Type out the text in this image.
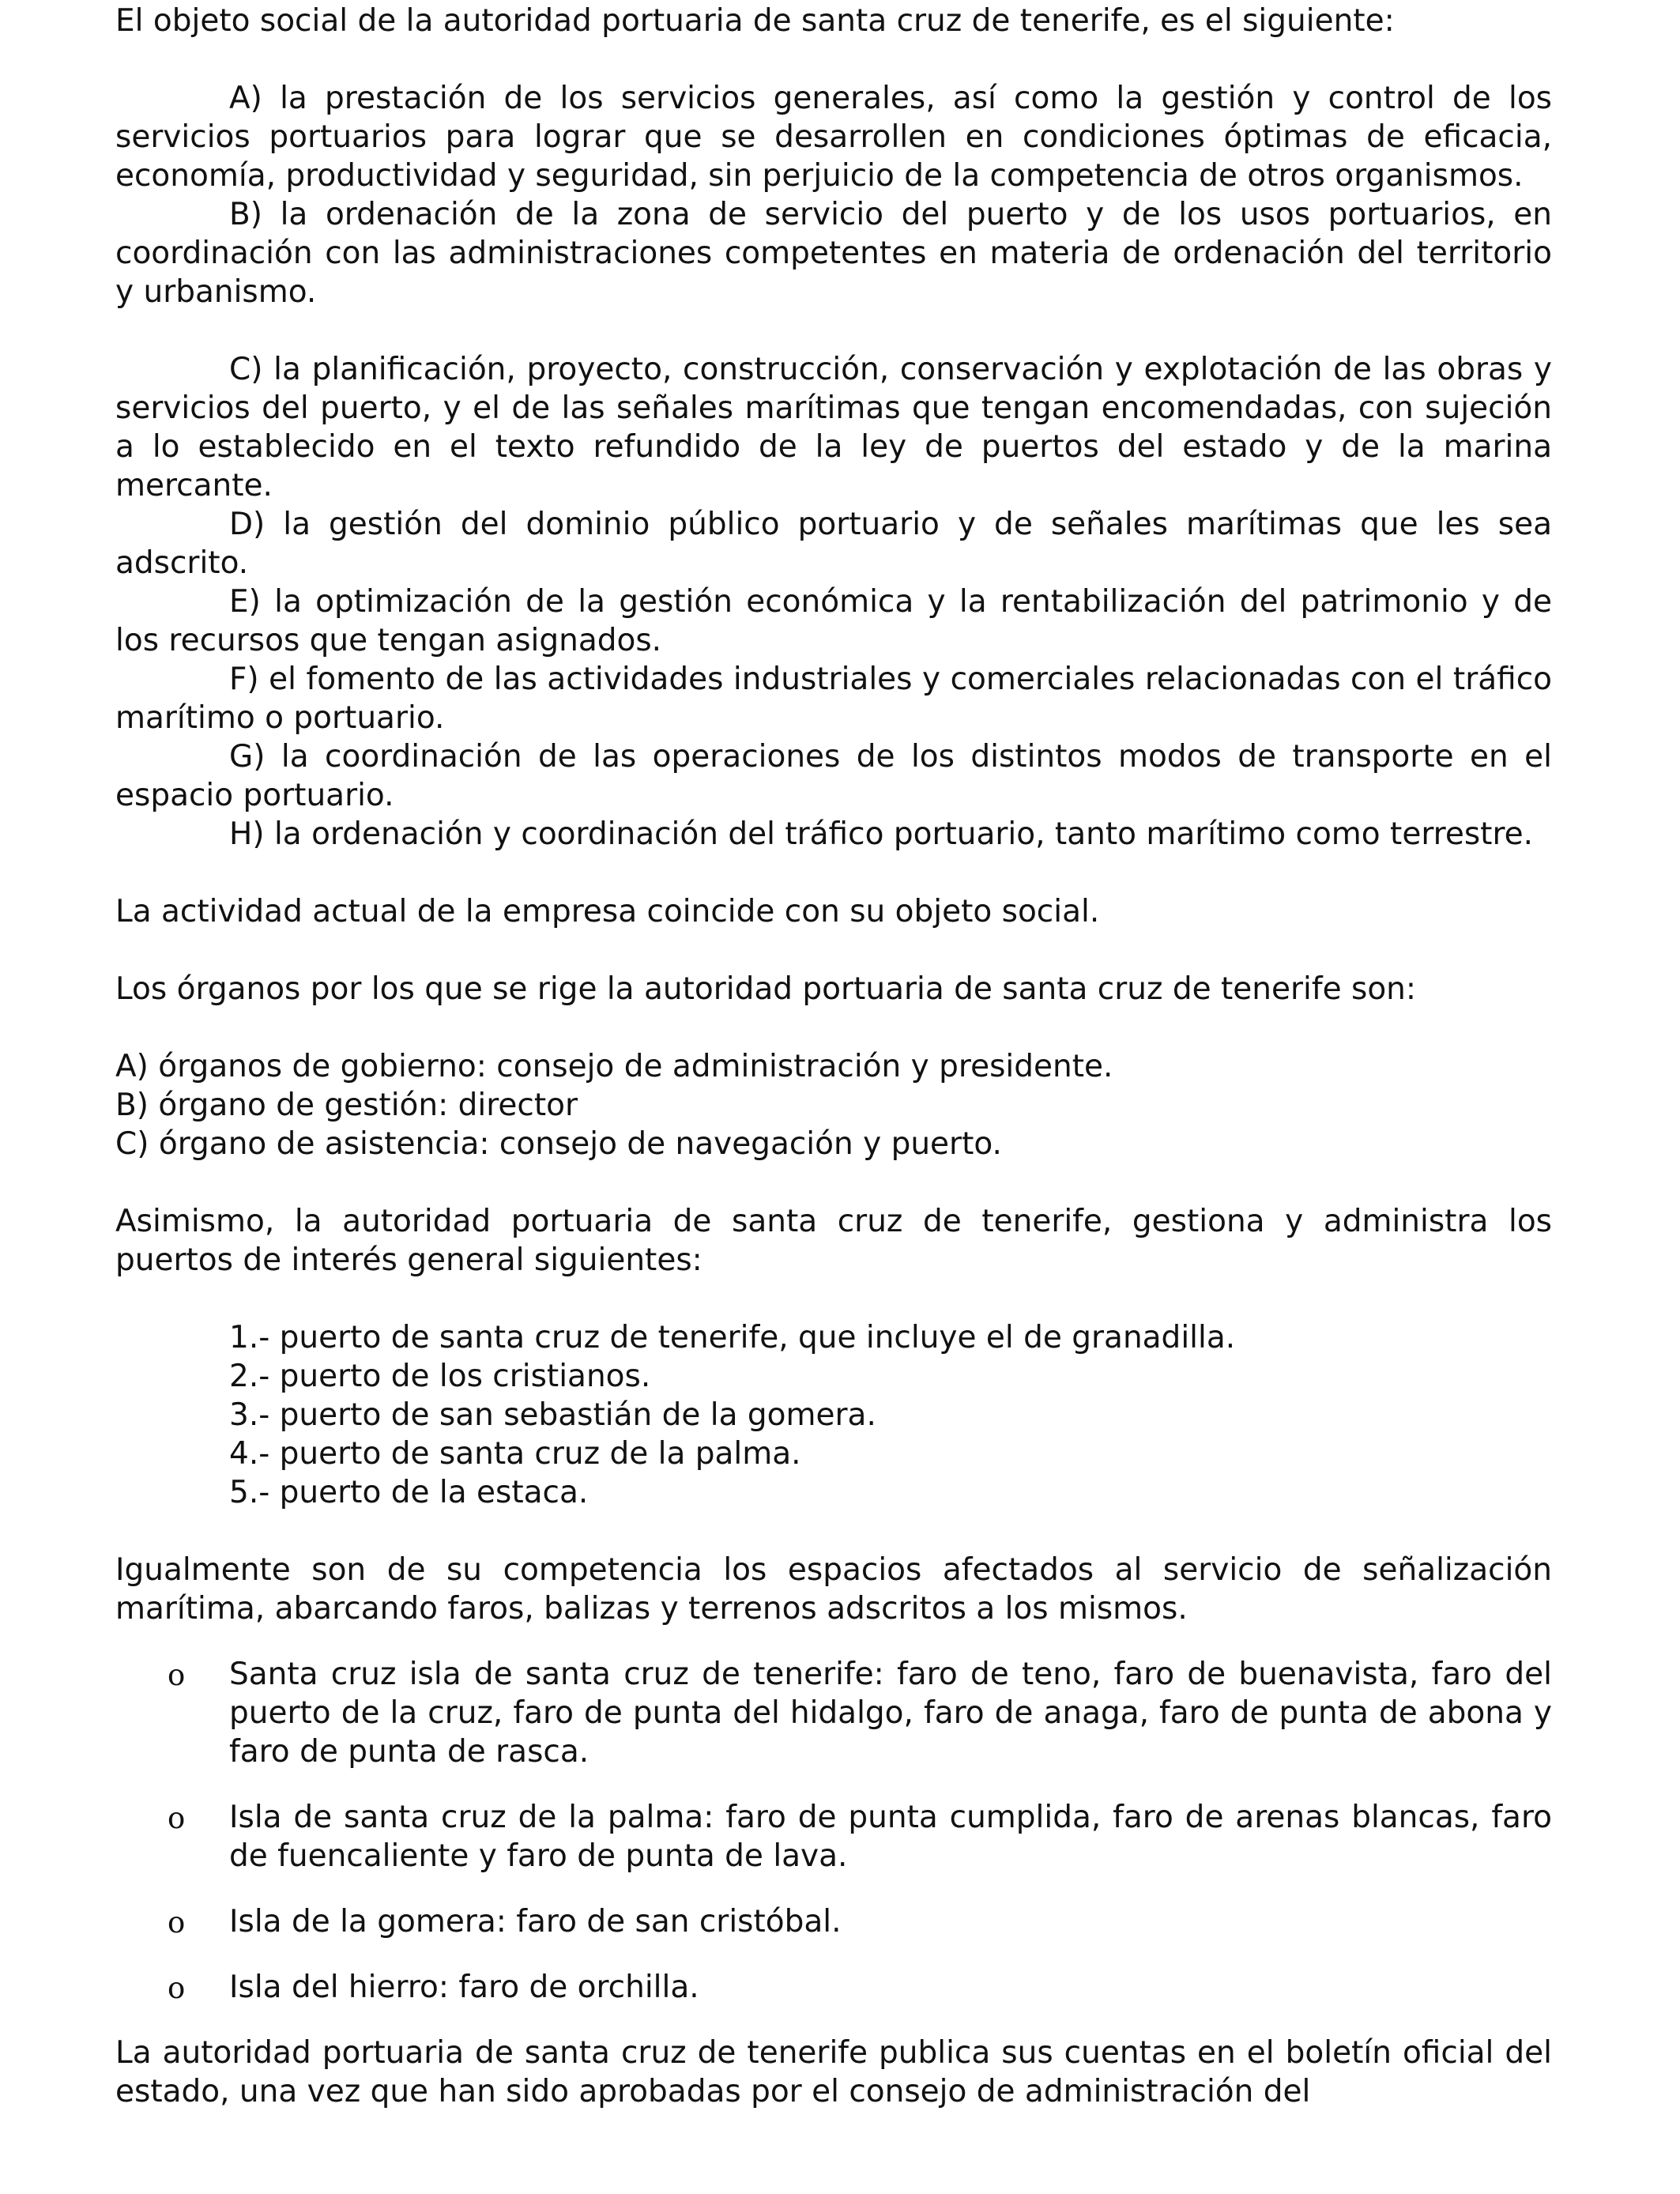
El objeto social de la autoridad portuaria de santa cruz de tenerife, es el siguiente:

A) la prestación de los servicios generales, así como la gestión y control de los servicios portuarios para lograr que se desarrollen en condiciones óptimas de eficacia, economía, productividad y seguridad, sin perjuicio de la competencia de otros organismos.

B) la ordenación de la zona de servicio del puerto y de los usos portuarios, en coordinación con las administraciones competentes en materia de ordenación del territorio y urbanismo.

C) la planificación, proyecto, construcción, conservación y explotación de las obras y servicios del puerto, y el de las señales marítimas que tengan encomendadas, con sujeción a lo establecido en el texto refundido de la ley de puertos del estado y de la marina mercante.

D) la gestión del dominio público portuario y de señales marítimas que les sea adscrito.

E) la optimización de la gestión económica y la rentabilización del patrimonio y de los recursos que tengan asignados.

F) el fomento de las actividades industriales y comerciales relacionadas con el tráfico marítimo o portuario.

G) la coordinación de las operaciones de los distintos modos de transporte en el espacio portuario.

H) la ordenación y coordinación del tráfico portuario, tanto marítimo como terrestre.

La actividad actual de la empresa coincide con su objeto social.

Los órganos por los que se rige la autoridad portuaria de santa cruz de tenerife son:

A) órganos de gobierno: consejo de administración y presidente.

B) órgano de gestión: director

C) órgano de asistencia: consejo de navegación y puerto.

Asimismo, la autoridad portuaria de santa cruz de tenerife, gestiona y administra los puertos de interés general siguientes:

1.- puerto de santa cruz de tenerife, que incluye el de granadilla.

2.- puerto de los cristianos.

3.- puerto de san sebastián de la gomera.

4.- puerto de santa cruz de la palma.

5.- puerto de la estaca.

Igualmente son de su competencia los espacios afectados al servicio de señalización marítima, abarcando faros, balizas y terrenos adscritos a los mismos.

o Santa cruz isla de santa cruz de tenerife: faro de teno, faro de buenavista, faro del puerto de la cruz, faro de punta del hidalgo, faro de anaga, faro de punta de abona y faro de punta de rasca.
o Isla de santa cruz de la palma: faro de punta cumplida, faro de arenas blancas, faro de fuencaliente y faro de punta de lava.
o Isla de la gomera: faro de san cristóbal.
o Isla del hierro: faro de orchilla.

La autoridad portuaria de santa cruz de tenerife publica sus cuentas en el boletín oficial del estado, una vez que han sido aprobadas por el consejo de administración del
